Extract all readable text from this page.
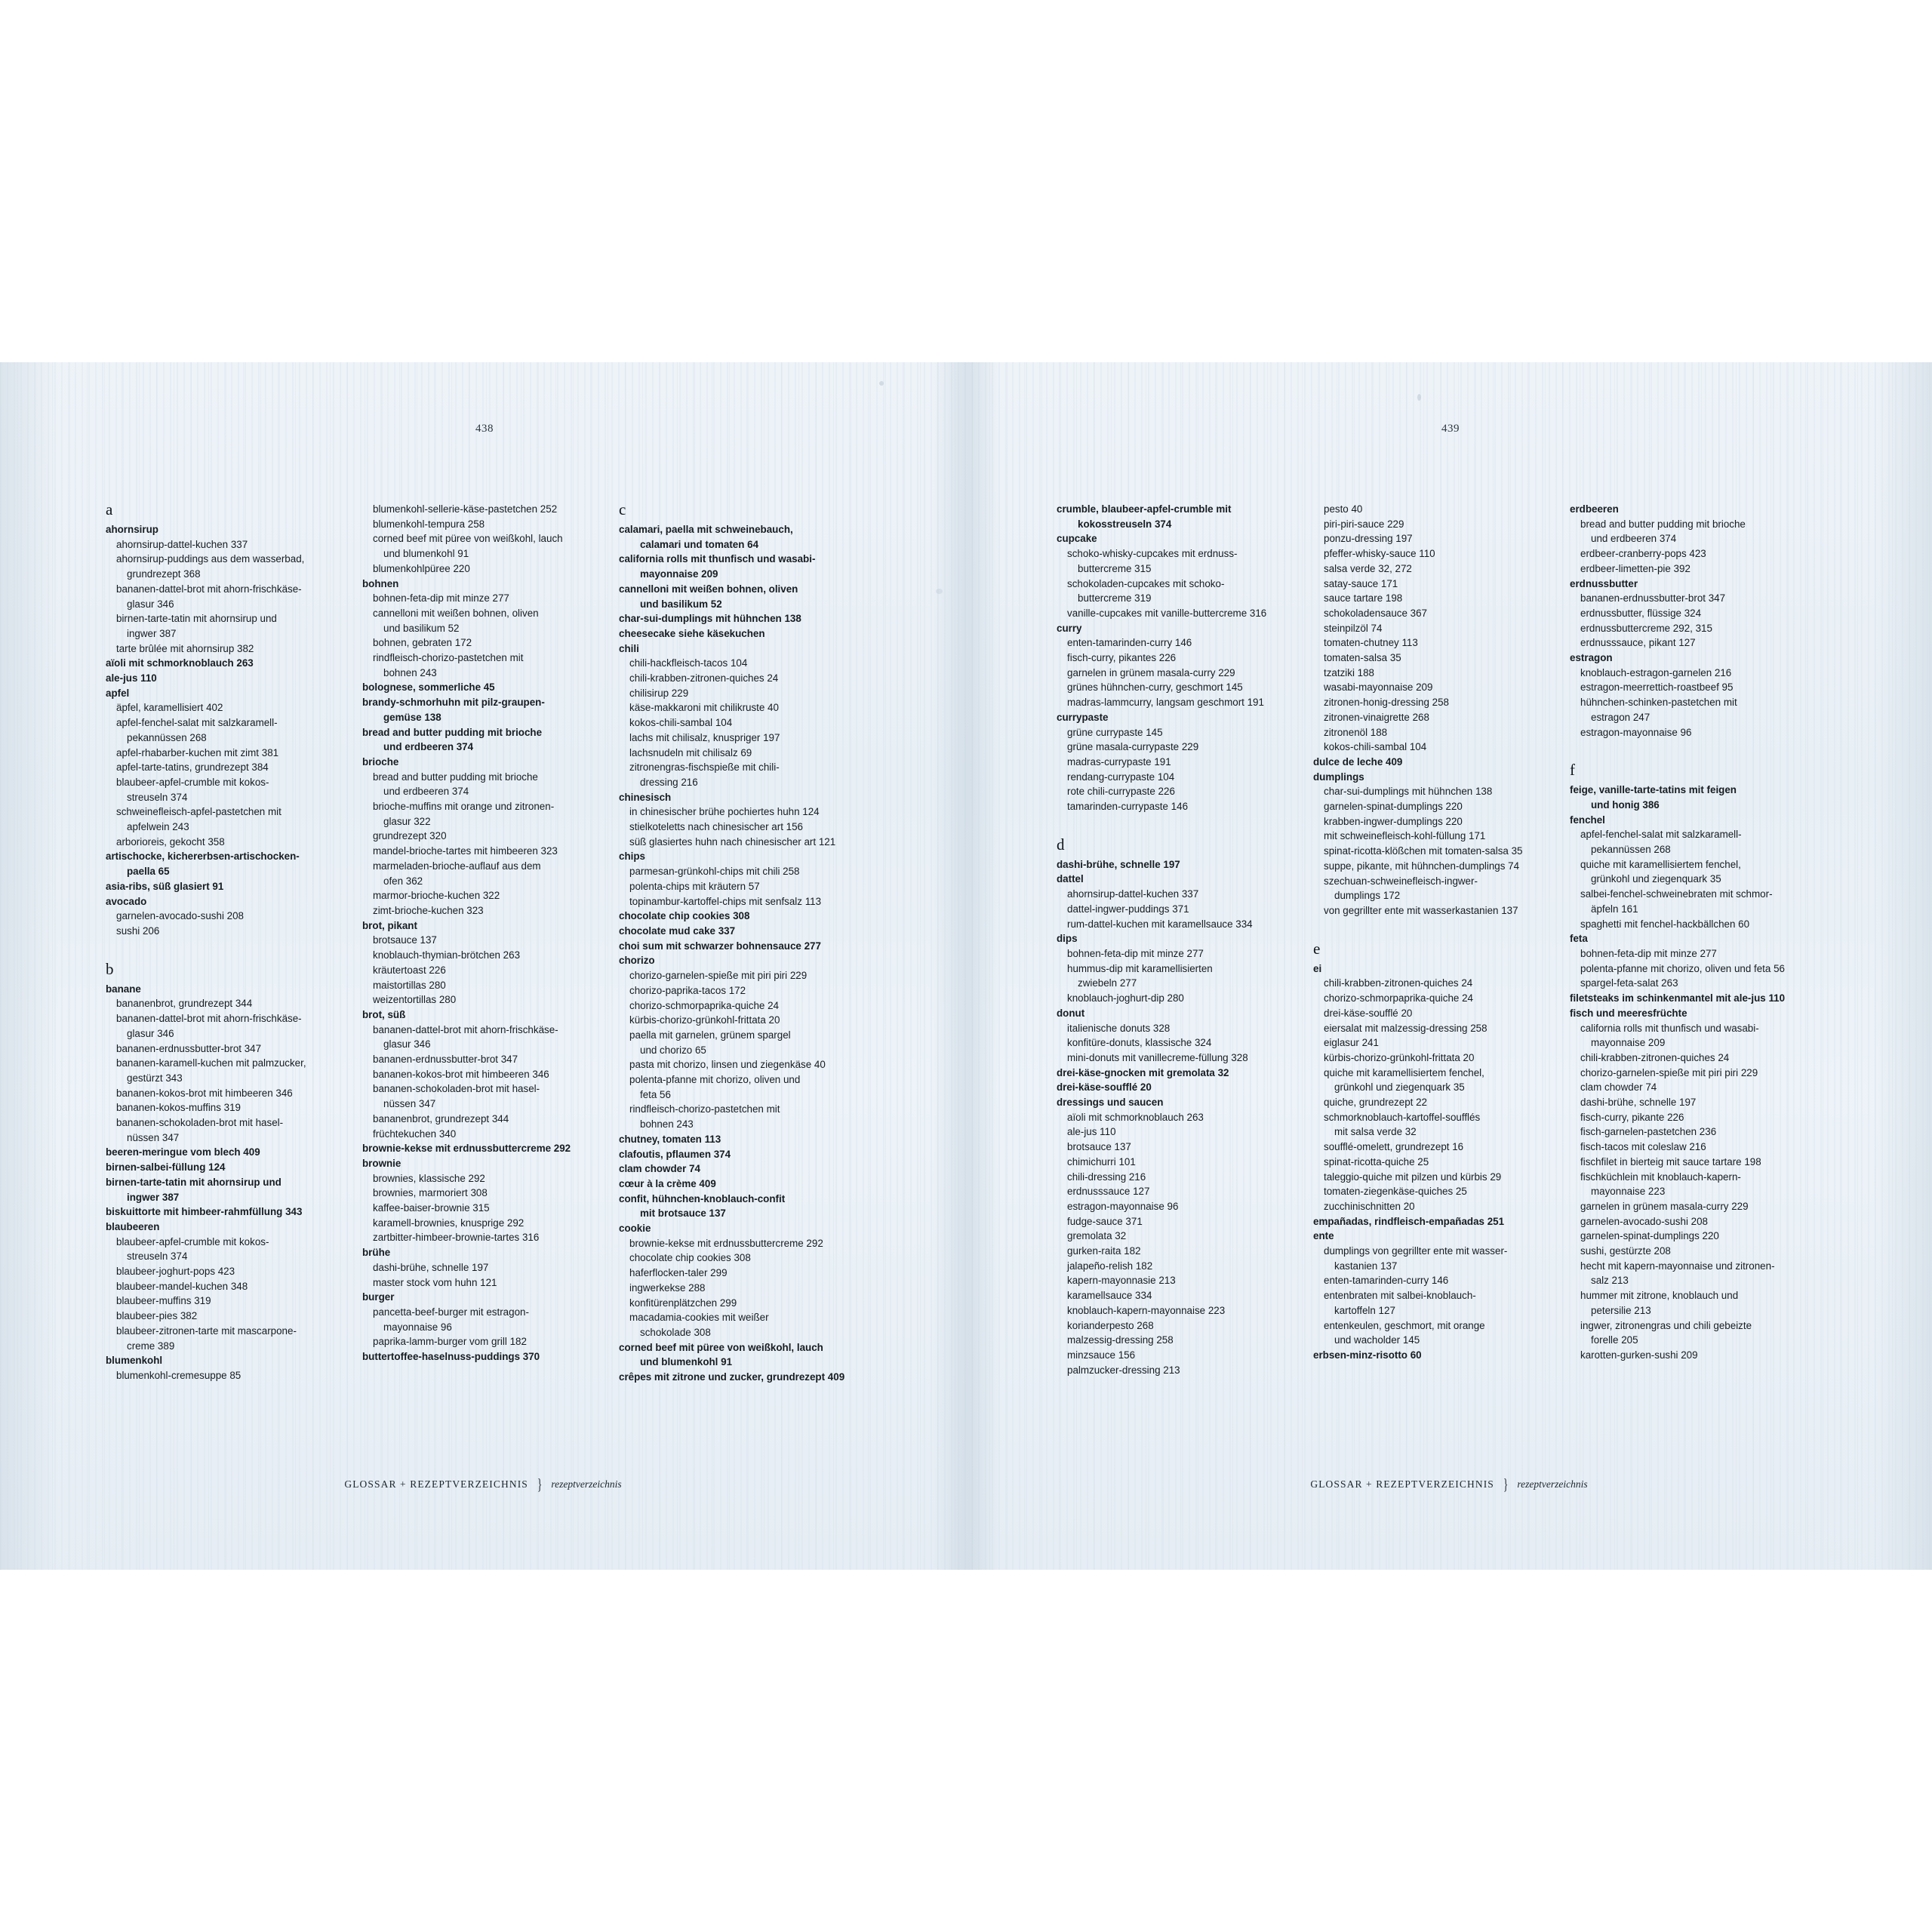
438
a
ahornsirup
ahornsirup-dattel-kuchen 337
ahornsirup-puddings aus dem wasserbad,
grundrezept 368
bananen-dattel-brot mit ahorn-frischkäse-
glasur 346
birnen-tarte-tatin mit ahornsirup und
ingwer 387
tarte brûlée mit ahornsirup 382
aïoli mit schmorknoblauch 263
ale-jus 110
apfel
äpfel, karamellisiert 402
apfel-fenchel-salat mit salzkaramell-
pekannüssen 268
apfel-rhabarber-kuchen mit zimt 381
apfel-tarte-tatins, grundrezept 384
blaubeer-apfel-crumble mit kokos-
streuseln 374
schweinefleisch-apfel-pastetchen mit
apfelwein 243
arborioreis, gekocht 358
artischocke, kichererbsen-artischocken-
paella 65
asia-ribs, süß glasiert 91
avocado
garnelen-avocado-sushi 208
sushi 206
b
banane
bananenbrot, grundrezept 344
bananen-dattel-brot mit ahorn-frischkäse-
glasur 346
bananen-erdnussbutter-brot 347
bananen-karamell-kuchen mit palmzucker,
gestürzt 343
bananen-kokos-brot mit himbeeren 346
bananen-kokos-muffins 319
bananen-schokoladen-brot mit hasel-
nüssen 347
beeren-meringue vom blech 409
birnen-salbei-füllung 124
birnen-tarte-tatin mit ahornsirup und
ingwer 387
biskuittorte mit himbeer-rahmfüllung 343
blaubeeren
blaubeer-apfel-crumble mit kokos-
streuseln 374
blaubeer-joghurt-pops 423
blaubeer-mandel-kuchen 348
blaubeer-muffins 319
blaubeer-pies 382
blaubeer-zitronen-tarte mit mascarpone-
creme 389
blumenkohl
blumenkohl-cremesuppe 85
blumenkohl-sellerie-käse-pastetchen 252
blumenkohl-tempura 258
corned beef mit püree von weißkohl, lauch
und blumenkohl 91
blumenkohlpüree 220
bohnen
bohnen-feta-dip mit minze 277
cannelloni mit weißen bohnen, oliven
und basilikum 52
bohnen, gebraten 172
rindfleisch-chorizo-pastetchen mit
bohnen 243
bolognese, sommerliche 45
brandy-schmorhuhn mit pilz-graupen-
gemüse 138
bread and butter pudding mit brioche
und erdbeeren 374
brioche
bread and butter pudding mit brioche
und erdbeeren 374
brioche-muffins mit orange und zitronen-
glasur 322
grundrezept 320
mandel-brioche-tartes mit himbeeren 323
marmeladen-brioche-auflauf aus dem
ofen 362
marmor-brioche-kuchen 322
zimt-brioche-kuchen 323
brot, pikant
brotsauce 137
knoblauch-thymian-brötchen 263
kräutertoast 226
maistortillas 280
weizentortillas 280
brot, süß
bananen-dattel-brot mit ahorn-frischkäse-
glasur 346
bananen-erdnussbutter-brot 347
bananen-kokos-brot mit himbeeren 346
bananen-schokoladen-brot mit hasel-
nüssen 347
bananenbrot, grundrezept 344
früchtekuchen 340
brownie-kekse mit erdnussbuttercreme 292
brownie
brownies, klassische 292
brownies, marmoriert 308
kaffee-baiser-brownie 315
karamell-brownies, knusprige 292
zartbitter-himbeer-brownie-tartes 316
brühe
dashi-brühe, schnelle 197
master stock vom huhn 121
burger
pancetta-beef-burger mit estragon-
mayonnaise 96
paprika-lamm-burger vom grill 182
buttertoffee-haselnuss-puddings 370
c
calamari, paella mit schweinebauch,
calamari und tomaten 64
california rolls mit thunfisch und wasabi-
mayonnaise 209
cannelloni mit weißen bohnen, oliven
und basilikum 52
char-sui-dumplings mit hühnchen 138
cheesecake siehe käsekuchen
chili
chili-hackfleisch-tacos 104
chili-krabben-zitronen-quiches 24
chilisirup 229
käse-makkaroni mit chilikruste 40
kokos-chili-sambal 104
lachs mit chilisalz, knuspriger 197
lachsnudeln mit chilisalz 69
zitronengras-fischspieße mit chili-
dressing 216
chinesisch
in chinesischer brühe pochiertes huhn 124
stielkoteletts nach chinesischer art 156
süß glasiertes huhn nach chinesischer art 121
chips
parmesan-grünkohl-chips mit chili 258
polenta-chips mit kräutern 57
topinambur-kartoffel-chips mit senfsalz 113
chocolate chip cookies 308
chocolate mud cake 337
choi sum mit schwarzer bohnensauce 277
chorizo
chorizo-garnelen-spieße mit piri piri 229
chorizo-paprika-tacos 172
chorizo-schmorpaprika-quiche 24
kürbis-chorizo-grünkohl-frittata 20
paella mit garnelen, grünem spargel
und chorizo 65
pasta mit chorizo, linsen und ziegenkäse 40
polenta-pfanne mit chorizo, oliven und
feta 56
rindfleisch-chorizo-pastetchen mit
bohnen 243
chutney, tomaten 113
clafoutis, pflaumen 374
clam chowder 74
cœur à la crème 409
confit, hühnchen-knoblauch-confit
mit brotsauce 137
cookie
brownie-kekse mit erdnussbuttercreme 292
chocolate chip cookies 308
haferflocken-taler 299
ingwerkekse 288
konfitürenplätzchen 299
macadamia-cookies mit weißer
schokolade 308
corned beef mit püree von weißkohl, lauch
und blumenkohl 91
crêpes mit zitrone und zucker, grundrezept 409
GLOSSAR + REZEPTVERZEICHNIS } rezeptverzeichnis
439
crumble, blaubeer-apfel-crumble mit
kokosstreuseln 374
cupcake
schoko-whisky-cupcakes mit erdnuss-
buttercreme 315
schokoladen-cupcakes mit schoko-
buttercreme 319
vanille-cupcakes mit vanille-buttercreme 316
curry
enten-tamarinden-curry 146
fisch-curry, pikantes 226
garnelen in grünem masala-curry 229
grünes hühnchen-curry, geschmort 145
madras-lammcurry, langsam geschmort 191
currypaste
grüne currypaste 145
grüne masala-currypaste 229
madras-currypaste 191
rendang-currypaste 104
rote chili-currypaste 226
tamarinden-currypaste 146
d
dashi-brühe, schnelle 197
dattel
ahornsirup-dattel-kuchen 337
dattel-ingwer-puddings 371
rum-dattel-kuchen mit karamellsauce 334
dips
bohnen-feta-dip mit minze 277
hummus-dip mit karamellisierten
zwiebeln 277
knoblauch-joghurt-dip 280
donut
italienische donuts 328
konfitüre-donuts, klassische 324
mini-donuts mit vanillecreme-füllung 328
drei-käse-gnocken mit gremolata 32
drei-käse-soufflé 20
dressings und saucen
aïoli mit schmorknoblauch 263
ale-jus 110
brotsauce 137
chimichurri 101
chili-dressing 216
erdnusssauce 127
estragon-mayonnaise 96
fudge-sauce 371
gremolata 32
gurken-raita 182
jalapeño-relish 182
kapern-mayonnasie 213
karamellsauce 334
knoblauch-kapern-mayonnaise 223
korianderpesto 268
malzessig-dressing 258
minzsauce 156
palmzucker-dressing 213
pesto 40
piri-piri-sauce 229
ponzu-dressing 197
pfeffer-whisky-sauce 110
salsa verde 32, 272
satay-sauce 171
sauce tartare 198
schokoladensauce 367
steinpilzöl 74
tomaten-chutney 113
tomaten-salsa 35
tzatziki 188
wasabi-mayonnaise 209
zitronen-honig-dressing 258
zitronen-vinaigrette 268
zitronenöl 188
kokos-chili-sambal 104
dulce de leche 409
dumplings
char-sui-dumplings mit hühnchen 138
garnelen-spinat-dumplings 220
krabben-ingwer-dumplings 220
mit schweinefleisch-kohl-füllung 171
spinat-ricotta-klößchen mit tomaten-salsa 35
suppe, pikante, mit hühnchen-dumplings 74
szechuan-schweinefleisch-ingwer-
dumplings 172
von gegrillter ente mit wasserkastanien 137
e
ei
chili-krabben-zitronen-quiches 24
chorizo-schmorpaprika-quiche 24
drei-käse-soufflé 20
eiersalat mit malzessig-dressing 258
eiglasur 241
kürbis-chorizo-grünkohl-frittata 20
quiche mit karamellisiertem fenchel,
grünkohl und ziegenquark 35
quiche, grundrezept 22
schmorknoblauch-kartoffel-soufflés
mit salsa verde 32
soufflé-omelett, grundrezept 16
spinat-ricotta-quiche 25
taleggio-quiche mit pilzen und kürbis 29
tomaten-ziegenkäse-quiches 25
zucchinischnitten 20
empañadas, rindfleisch-empañadas 251
ente
dumplings von gegrillter ente mit wasser-
kastanien 137
enten-tamarinden-curry 146
entenbraten mit salbei-knoblauch-
kartoffeln 127
entenkeulen, geschmort, mit orange
und wacholder 145
erbsen-minz-risotto 60
erdbeeren
bread and butter pudding mit brioche
und erdbeeren 374
erdbeer-cranberry-pops 423
erdbeer-limetten-pie 392
erdnussbutter
bananen-erdnussbutter-brot 347
erdnussbutter, flüssige 324
erdnussbuttercreme 292, 315
erdnusssauce, pikant 127
estragon
knoblauch-estragon-garnelen 216
estragon-meerrettich-roastbeef 95
hühnchen-schinken-pastetchen mit
estragon 247
estragon-mayonnaise 96
f
feige, vanille-tarte-tatins mit feigen
und honig 386
fenchel
apfel-fenchel-salat mit salzkaramell-
pekannüssen 268
quiche mit karamellisiertem fenchel,
grünkohl und ziegenquark 35
salbei-fenchel-schweinebraten mit schmor-
äpfeln 161
spaghetti mit fenchel-hackbällchen 60
feta
bohnen-feta-dip mit minze 277
polenta-pfanne mit chorizo, oliven und feta 56
spargel-feta-salat 263
filetsteaks im schinkenmantel mit ale-jus 110
fisch und meeresfrüchte
california rolls mit thunfisch und wasabi-
mayonnaise 209
chili-krabben-zitronen-quiches 24
chorizo-garnelen-spieße mit piri piri 229
clam chowder 74
dashi-brühe, schnelle 197
fisch-curry, pikante 226
fisch-garnelen-pastetchen 236
fisch-tacos mit coleslaw 216
fischfilet in bierteig mit sauce tartare 198
fischküchlein mit knoblauch-kapern-
mayonnaise 223
garnelen in grünem masala-curry 229
garnelen-avocado-sushi 208
garnelen-spinat-dumplings 220
sushi, gestürzte 208
hecht mit kapern-mayonnaise und zitronen-
salz 213
hummer mit zitrone, knoblauch und
petersilie 213
ingwer, zitronengras und chili gebeizte
forelle 205
karotten-gurken-sushi 209
GLOSSAR + REZEPTVERZEICHNIS } rezeptverzeichnis
